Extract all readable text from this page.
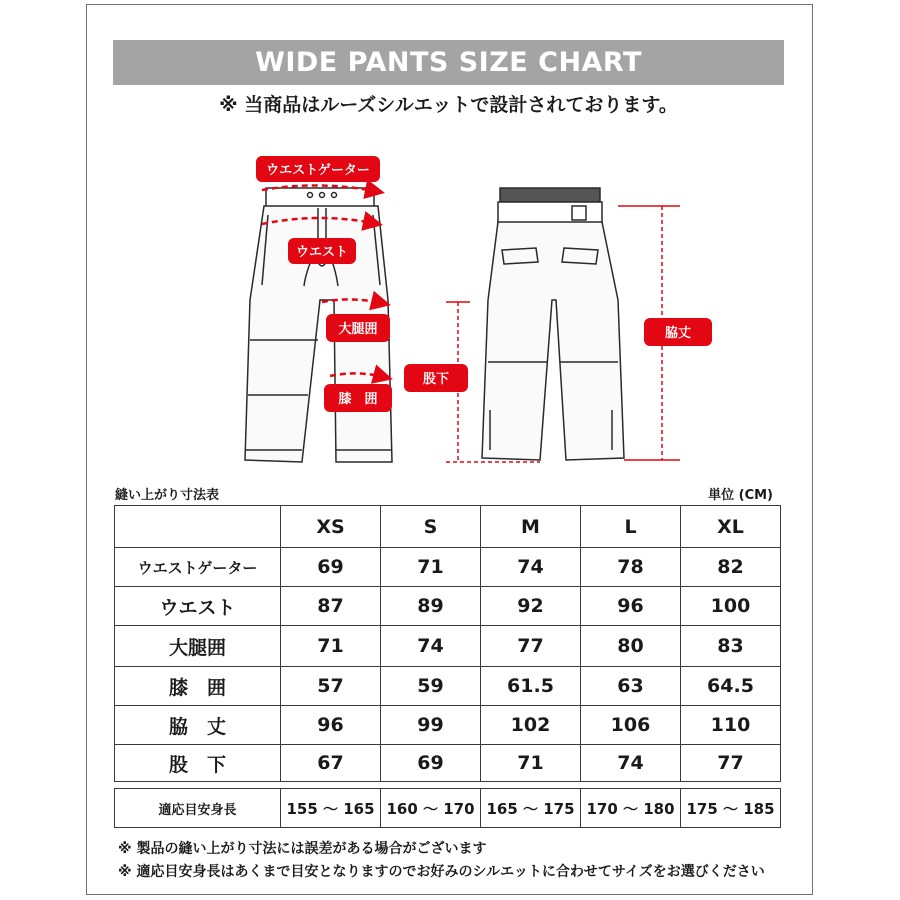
WIDE PANTS SIZE CHART
※ 当商品はルーズシルエットで設計されております。
ウエストゲーター
ウエスト
大腿囲
膝　囲
股下
脇丈
縫い上がり寸法表	単位 (CM)
	XS	S	M	L	XL
ウエストゲーター	69	71	74	78	82
ウエスト	87	89	92	96	100
大腿囲	71	74	77	80	83
膝　囲	57	59	61.5	63	64.5
脇　丈	96	99	102	106	110
股　下	67	69	71	74	77

適応目安身長	155 ～ 165	160 ～ 170	165 ～ 175	170 ～ 180	175 ～ 185
※ 製品の縫い上がり寸法には誤差がある場合がございます
※ 適応目安身長はあくまで目安となりますのでお好みのシルエットに合わせてサイズをお選びください
